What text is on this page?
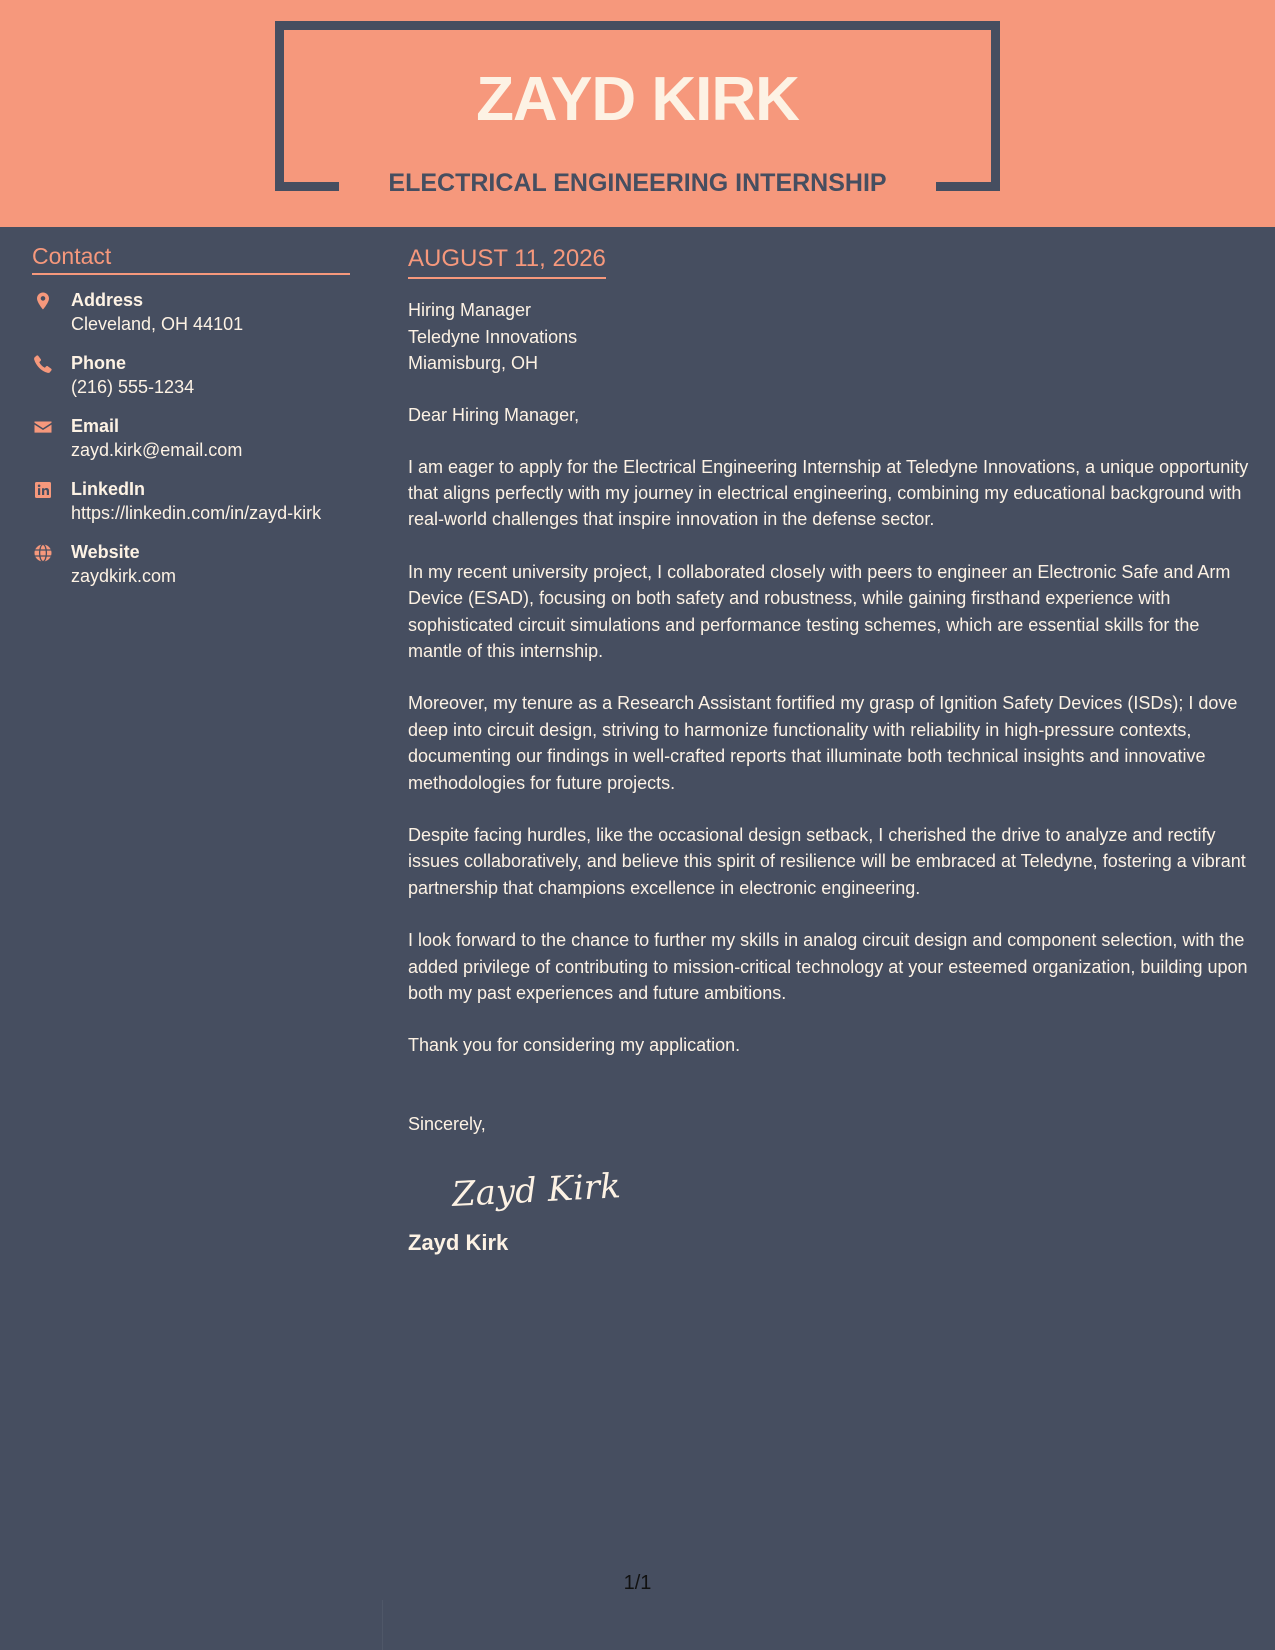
ZAYD KIRK
ELECTRICAL ENGINEERING INTERNSHIP
Contact
Address
Cleveland, OH 44101
Phone
(216) 555-1234
Email
zayd.kirk@email.com
LinkedIn
https://linkedin.com/in/zayd-kirk
Website
zaydkirk.com
AUGUST 11, 2026
Hiring Manager
Teledyne Innovations
Miamisburg, OH
Dear Hiring Manager,
I am eager to apply for the Electrical Engineering Internship at Teledyne Innovations, a unique opportunity that aligns perfectly with my journey in electrical engineering, combining my educational background with real-world challenges that inspire innovation in the defense sector.
In my recent university project, I collaborated closely with peers to engineer an Electronic Safe and Arm Device (ESAD), focusing on both safety and robustness, while gaining firsthand experience with sophisticated circuit simulations and performance testing schemes, which are essential skills for the mantle of this internship.
Moreover, my tenure as a Research Assistant fortified my grasp of Ignition Safety Devices (ISDs); I dove deep into circuit design, striving to harmonize functionality with reliability in high-pressure contexts, documenting our findings in well-crafted reports that illuminate both technical insights and innovative methodologies for future projects.
Despite facing hurdles, like the occasional design setback, I cherished the drive to analyze and rectify issues collaboratively, and believe this spirit of resilience will be embraced at Teledyne, fostering a vibrant partnership that champions excellence in electronic engineering.
I look forward to the chance to further my skills in analog circuit design and component selection, with the added privilege of contributing to mission-critical technology at your esteemed organization, building upon both my past experiences and future ambitions.
Thank you for considering my application.
Sincerely,
Zayd Kirk
Zayd Kirk
1/1
